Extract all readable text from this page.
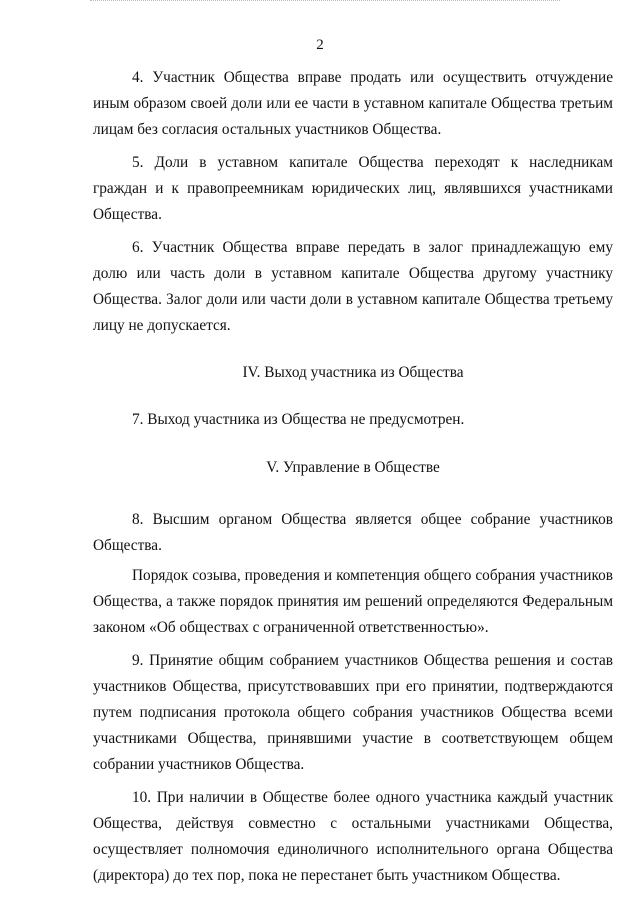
2

4. Участник Общества вправе продать или осуществить отчуждение иным образом своей доли или ее части в уставном капитале Общества третьим лицам без согласия остальных участников Общества.

5. Доли в уставном капитале Общества переходят к наследникам граждан и к правопреемникам юридических лиц, являвшихся участниками Общества.

6. Участник Общества вправе передать в залог принадлежащую ему долю или часть доли в уставном капитале Общества другому участнику Общества. Залог доли или части доли в уставном капитале Общества третьему лицу не допускается.

IV. Выход участника из Общества

7. Выход участника из Общества не предусмотрен.

V. Управление в Обществе

8. Высшим органом Общества является общее собрание участников Общества.

Порядок созыва, проведения и компетенция общего собрания участников Общества, а также порядок принятия им решений определяются Федеральным законом «Об обществах с ограниченной ответственностью».

9. Принятие общим собранием участников Общества решения и состав участников Общества, присутствовавших при его принятии, подтверждаются путем подписания протокола общего собрания участников Общества всеми участниками Общества, принявшими участие в соответствующем общем собрании участников Общества.

10. При наличии в Обществе более одного участника каждый участник Общества, действуя совместно с остальными участниками Общества, осуществляет полномочия единоличного исполнительного органа Общества (директора) до тех пор, пока не перестанет быть участником Общества.
